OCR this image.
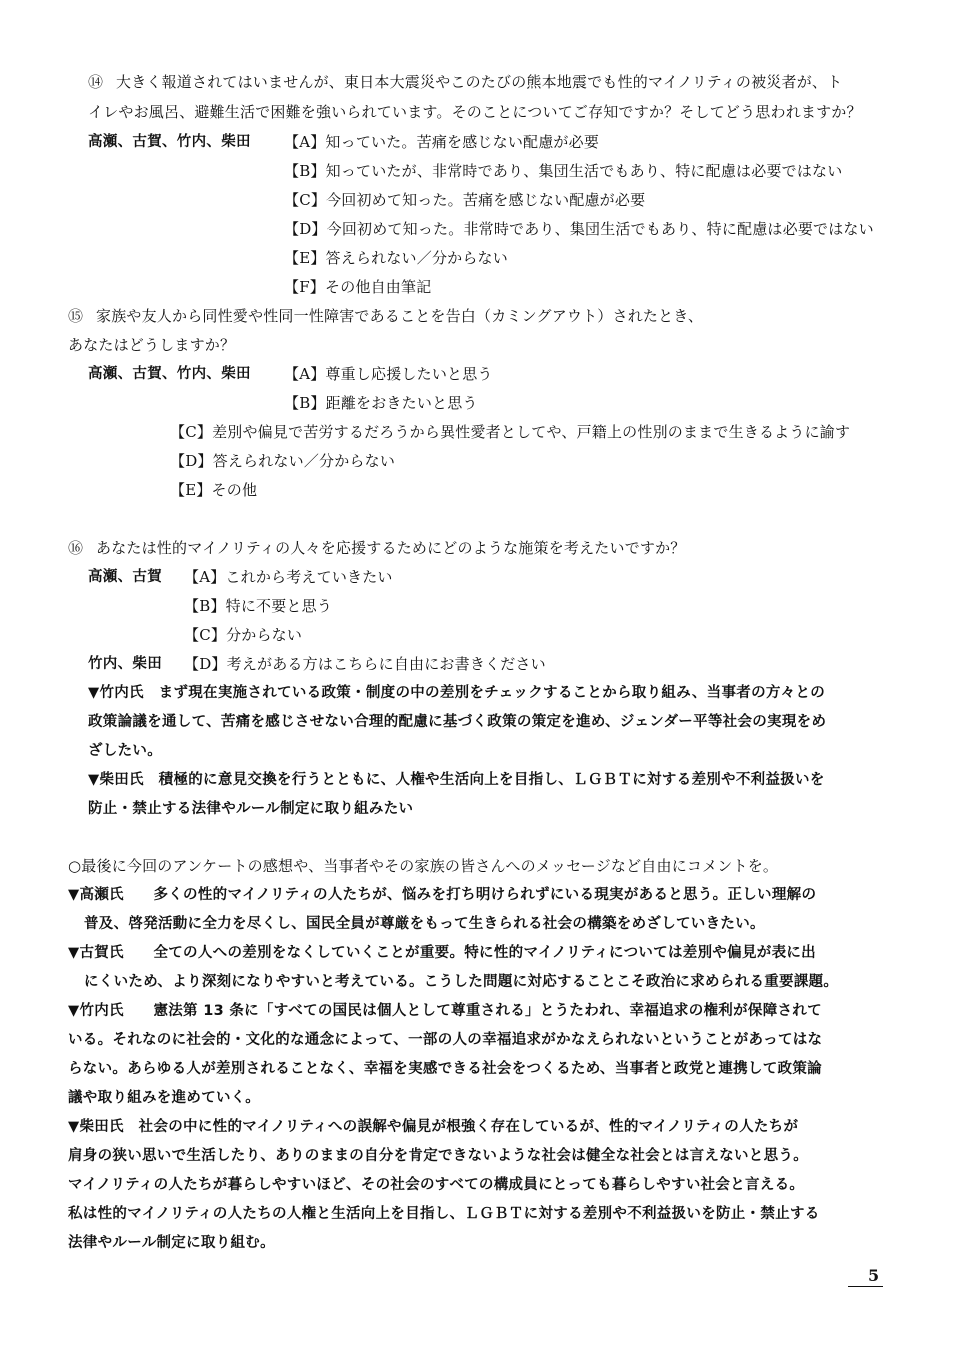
⑭ 大きく報道されてはいませんが、東日本大震災やこのたびの熊本地震でも性的マイノリティの被災者が、ト
イレやお風呂、避難生活で困難を強いられています。そのことについてご存知ですか？そしてどう思われますか？
高瀬、古賀、竹内、柴田 【A】知っていた。苦痛を感じない配慮が必要
【B】知っていたが、非常時であり、集団生活でもあり、特に配慮は必要ではない
【C】今回初めて知った。苦痛を感じない配慮が必要
【D】今回初めて知った。非常時であり、集団生活でもあり、特に配慮は必要ではない
【E】答えられない／分からない
【F】その他自由筆記
⑮ 家族や友人から同性愛や性同一性障害であることを告白（カミングアウト）されたとき、
あなたはどうしますか？
高瀬、古賀、竹内、柴田 【A】尊重し応援したいと思う
【B】距離をおきたいと思う
【C】差別や偏見で苦労するだろうから異性愛者としてや、戸籍上の性別のままで生きるように諭す
【D】答えられない／分からない
【E】その他
⑯ あなたは性的マイノリティの人々を応援するためにどのような施策を考えたいですか？
高瀬、古賀 【A】これから考えていきたい
【B】特に不要と思う
【C】分からない
竹内、柴田 【D】考えがある方はこちらに自由にお書きください
▼竹内氏　まず現在実施されている政策・制度の中の差別をチェックすることから取り組み、当事者の方々との
政策論議を通して、苦痛を感じさせない合理的配慮に基づく政策の策定を進め、ジェンダー平等社会の実現をめ
ざしたい。
▼柴田氏　積極的に意見交換を行うとともに、人権や生活向上を目指し、ＬＧＢＴに対する差別や不利益扱いを
防止・禁止する法律やルール制定に取り組みたい
○最後に今回のアンケートの感想や、当事者やその家族の皆さんへのメッセージなど自由にコメントを。
▼高瀬氏　　多くの性的マイノリティの人たちが、悩みを打ち明けられずにいる現実があると思う。正しい理解の
普及、啓発活動に全力を尽くし、国民全員が尊厳をもって生きられる社会の構築をめざしていきたい。
▼古賀氏　　全ての人への差別をなくしていくことが重要。特に性的マイノリティについては差別や偏見が表に出
にくいため、より深刻になりやすいと考えている。こうした問題に対応することこそ政治に求められる重要課題。
▼竹内氏　　憲法第 13 条に「すべての国民は個人として尊重される」とうたわれ、幸福追求の権利が保障されて
いる。それなのに社会的・文化的な通念によって、一部の人の幸福追求がかなえられないということがあってはな
らない。あらゆる人が差別されることなく、幸福を実感できる社会をつくるため、当事者と政党と連携して政策論
議や取り組みを進めていく。
▼柴田氏　社会の中に性的マイノリティへの誤解や偏見が根強く存在しているが、性的マイノリティの人たちが
肩身の狭い思いで生活したり、ありのままの自分を肯定できないような社会は健全な社会とは言えないと思う。
マイノリティの人たちが暮らしやすいほど、その社会のすべての構成員にとっても暮らしやすい社会と言える。
私は性的マイノリティの人たちの人権と生活向上を目指し、ＬＧＢＴに対する差別や不利益扱いを防止・禁止する
法律やルール制定に取り組む。
5
